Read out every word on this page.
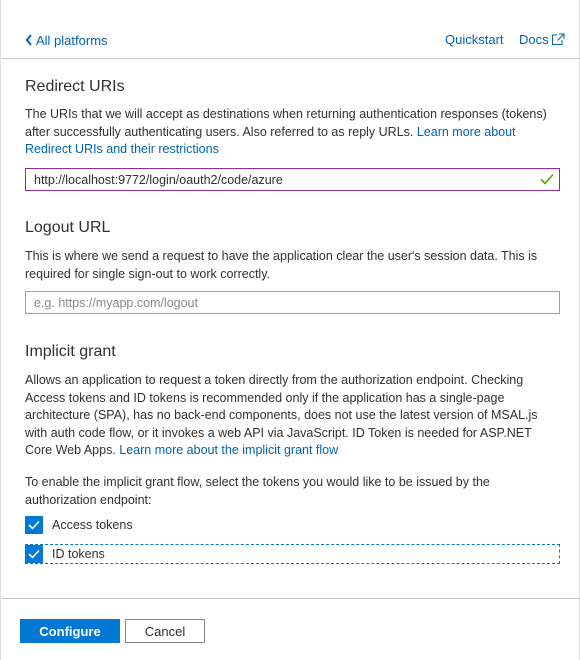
All platforms	Quickstart Docs
Redirect URIs

The URIs that we will accept as destinations when returning authentication responses (tokens) after successfully authenticating users. Also referred to as reply URLs. Learn more about Redirect URIs and their restrictions

http://localhost:9772/login/oauth2/code/azure
Logout URL

This is where we send a request to have the application clear the user's session data. This is required for single sign-out to work correctly.

e.g. https://myapp.com/logout
Implicit grant

Allows an application to request a token directly from the authorization endpoint. Checking Access tokens and ID tokens is recommended only if the application has a single-page architecture (SPA), has no back-end components, does not use the latest version of MSAL.js with auth code flow, or it invokes a web API via JavaScript. ID Token is needed for ASP.NET Core Web Apps. Learn more about the implicit grant flow

To enable the implicit grant flow, select the tokens you would like to be issued by the authorization endpoint:

Access tokens
ID tokens
Configure	Cancel
